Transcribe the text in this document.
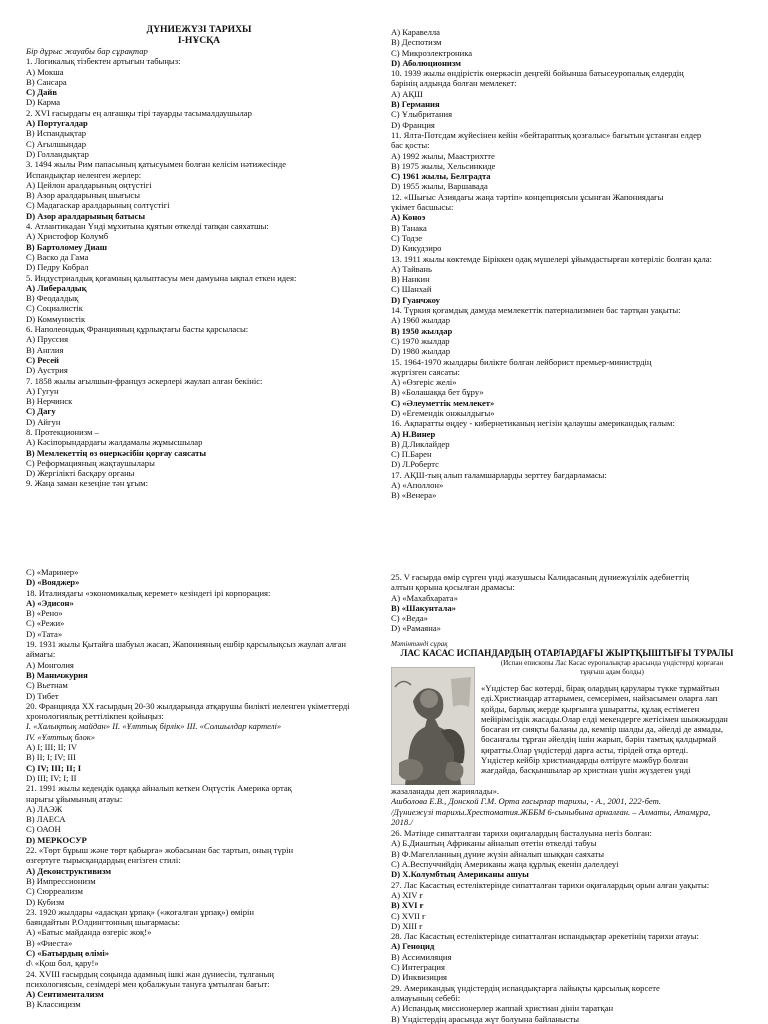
ДҮНИЕЖҮЗІ ТАРИХЫ
І-НҰСҚА
Бір дұрыс жауабы бар сұрақтар
1. Логикалық тізбектен артығын табыңыз:
A) Мокша
B) Сансара
C) Дайв
D) Карма
2. XVI ғасырдағы ең алғашқы тірі тауарды тасымалдаушылар
A) Португалдар
B) Испандықтар
C) Ағылшындар
D) Голландықтар
3. 1494 жылы Рим папасының қатысуымен болған келісім нәтижесінде
Испандықтар иеленген жерлер:
A) Цейлон аралдарының оңтүстігі
B) Азор аралдарының шығысы
C) Мадагаскар аралдарының солтүстігі
D) Азор аралдарының батысы
4. Атлантикадан Үнді мұхитына құятын өткелді тапқан саяхатшы:
A) Христофор Колумб
B) Бартоломеу Диаш
C) Васко да Гама
D) Педру Кобрал
5. Индустриалдық қоғамның қалыптасуы мен дамуына ықпал еткен идея:
A) Либералдық
B) Феодалдық
C) Социалистік
D) Коммунистік
6. Наполеондық Францияның құрлықтағы басты қарсыласы:
A) Пруссия
B) Англия
C) Ресей
D) Аустрия
7. 1858 жылы ағылшын-француз әскерлері жаулап алған бекініс:
A) Гугун
B) Нерчинск
C) Дагу
D) Айгун
8. Протекционизм –
A) Кәсіпорындардағы жалдамалы жұмысшылар
B) Мемлекеттің өз өнеркәсібін қорғау саясаты
C) Реформацияның жақтаушылары
D) Жергілікті басқару органы
9. Жаңа заман кезеңіне тән ұғым:
A) Каравелла
B) Деспотизм
C) Микроэлектроника
D) Аболюционизм
10. 1939 жылы өндірістік өнеркәсіп деңгейі бойынша батысеуропалық елдердің
бәрінің алдында болған мемлекет:
A) АҚШ
B) Германия
C) Ұлыбритания
D) Франция
11. Ялта-Потсдам жүйесінен кейін «бейтараптық қозғалыс» бағытын ұстанған елдер
бас қосты:
A) 1992 жылы, Маастрихтте
B) 1975 жылы, Хельсинкиде
C) 1961 жылы, Белградта
D) 1955 жылы, Варшавада
12. «Шығыс Азиядағы жаңа тәртіп» концепциясын ұсынған Жапониядағы
үкімет басшысы:
A) Коноэ
B) Танака
C) Тодзе
D) Кикудзиро
13. 1911 жылы көктемде Біріккен одақ мүшелері ұйымдастырған көтеріліс болған қала:
A) Тайвань
B) Нанкин
C) Шанхай
D) Гуанчжоу
14. Түркия қоғамдық дамуда мемлекеттік патернализмнен бас тартқан уақыты:
A) 1960 жылдар
B) 1950 жылдар
C) 1970 жылдар
D) 1980 жылдар
15. 1964-1970 жылдары билікте болған лейборист премьер-министрдің
жүргізген саясаты:
A) «Өзгеріс желі»
B) «Болашаққа бет бұру»
C) «Әлеуметтік мемлекет»
D) «Егемендік онжылдығы»
16. Ақпаратты өңдеу - кибернетиканың негізін қалаушы американдық ғалым:
A) Н.Винер
B) Д.Ликлайдер
C) П.Барен
D) Л.Робертс
17. АҚШ-тың алып ғаламшарларды зерттеу бағдарламасы:
A) «Аполлон»
B) «Венера»
C) «Маринер»
D) «Вояджер»
18. Италиядағы «экономикалық керемет» кезіндегі ірі корпорация:
A) «Эдисон»
B) «Рено»
C) «Режи»
D) «Тата»
19. 1931 жылы Қытайға шабуыл жасап, Жапонияның ешбір қарсылықсыз жаулап алған
аймағы:
A) Монголия
B) Маньчжурия
C) Вьетнам
D) Тибет
20. Францияда XX ғасырдың 20-30 жылдарында атқарушы билікті иеленген үкіметтерді
хронологиялық реттілікпен қойыңыз:
I. «Халықтық майдан» II. «Ұлттық бірлік» III. «Солшылдар картелі»
IV. «Ұлттық блок»
A) I; III; II; IV
B) II; I; IV; III
C) IV; III; II; I
D) III; IV; I; II
21. 1991 жылы кедендік одаққа айналып кеткен Оңтүстік Америка ортақ
нарығы ұйымының атауы:
A) ЛАЭЖ
B) ЛАЕСА
C) ОАОН
D) МЕРКОСУР
22. «Төрт бұрыш және төрт қабырға» жобасынан бас тартып, оның түрін
өзгертуге тырысқандардың енгізген стилі:
A) Деконструктивизм
B) Импрессионизм
C) Сюрреализм
D) Кубизм
23. 1920 жылдары «адасқан ұрпақ» («жоғалған ұрпақ») өмірін
баяндайтын Р.Олдингтонның шығармасы:
A) «Батыс майданда өзгеріс жоқ!»
B) «Фиеста»
C) «Батырдың өлімі»
d\ «Қош бол, қару!»
24. XVIII ғасырдың соңында адамның ішкі жан дүниесін, тұлғаның
психологиясын, сезімдері мен қобалжуын тануға ұмтылған бағыт:
A) Сентиментализм
B) Классицизм
25. V ғасырда өмір сүрген үнді жазушысы Калидасаның дүниежүзілік әдебиеттің
алтын қорына қосылған драмасы:
A) «Махабхарата»
B) «Шакунтала»
C) «Веда»
D) «Рамаяна»
Мәтінтәнді сұрақ
ЛАС КАСАС ИСПАНДАРДЫҢ ОТАРЛАРДАҒЫ ЖЫРТҚЫШТЫҒЫ ТУРАЛЫ
(Испан епископы Лас Касас еуропалықтар арасында үндістерді қорғаған
тұңғыш адам болды)
«Үндістер бас көтерді, бірақ олардың қарулары түкке тұрмайтын
еді.Христиандар аттарымен, семсерімен, найзасымен оларға лап
қойды, барлық жерде қырғынға ұшыратты, құлақ естімеген
мейірімсіздік жасады.Олар елді мекендерге жетісімен шыжжырдан
босаған ит сияқты баланы да, кемпір шалды да, әйелді де аямады,
босанғалы тұрған әйелдің ішін жарып, бәрін тамтық қалдырмай
қиратты.Олар үндістерді дарға асты, тірідей отқа өртеді.
Үндістер кейбір христиандарды өлтіруге мәжбүр болған
жағдайда, басқыншылар әр христиан үшін жүздеген үнді
жазаланады деп жариялады».
Ашболова Е.В., Донской Г.М. Орта ғасырлар тарихы, - А., 2001, 222-бет.
/Дүниежүзі тарихы.Хрестоматия.ЖББМ 6-сыныбына арналған. – Алматы, Атамұра,
2018./
26. Мәтінде сипатталған тарихи оқиғалардың басталуына негіз болған:
A) Б.Диаштың Африканы айналып өтетін өткелді табуы
B) Ф.Магелланның дүние жүзін айналып шыққан саяхаты
C) А.Веспуччийдің Американы жаңа құрлық екенін дәлелдеуі
D) Х.Колумбтың Американы ашуы
27. Лас Касастың естеліктерінде сипатталған тарихи оқиғалардың орын алған уақыты:
A) XIV ғ
B) XVI ғ
C) XVII ғ
D) XIII ғ
28. Лас Касастың естеліктерінде сипатталған испандықтар әрекетінің тарихи атауы:
A) Геноцид
B) Ассимиляция
C) Интеграция
D) Инквизиция
29. Американдық үндістердің испандықтарға лайықты қарсылық көрсете
алмауының себебі:
A) Испандық миссионерлер жаппай христиан дінін таратқан
B) Үндістердің арасында жүт болуына байланысты
